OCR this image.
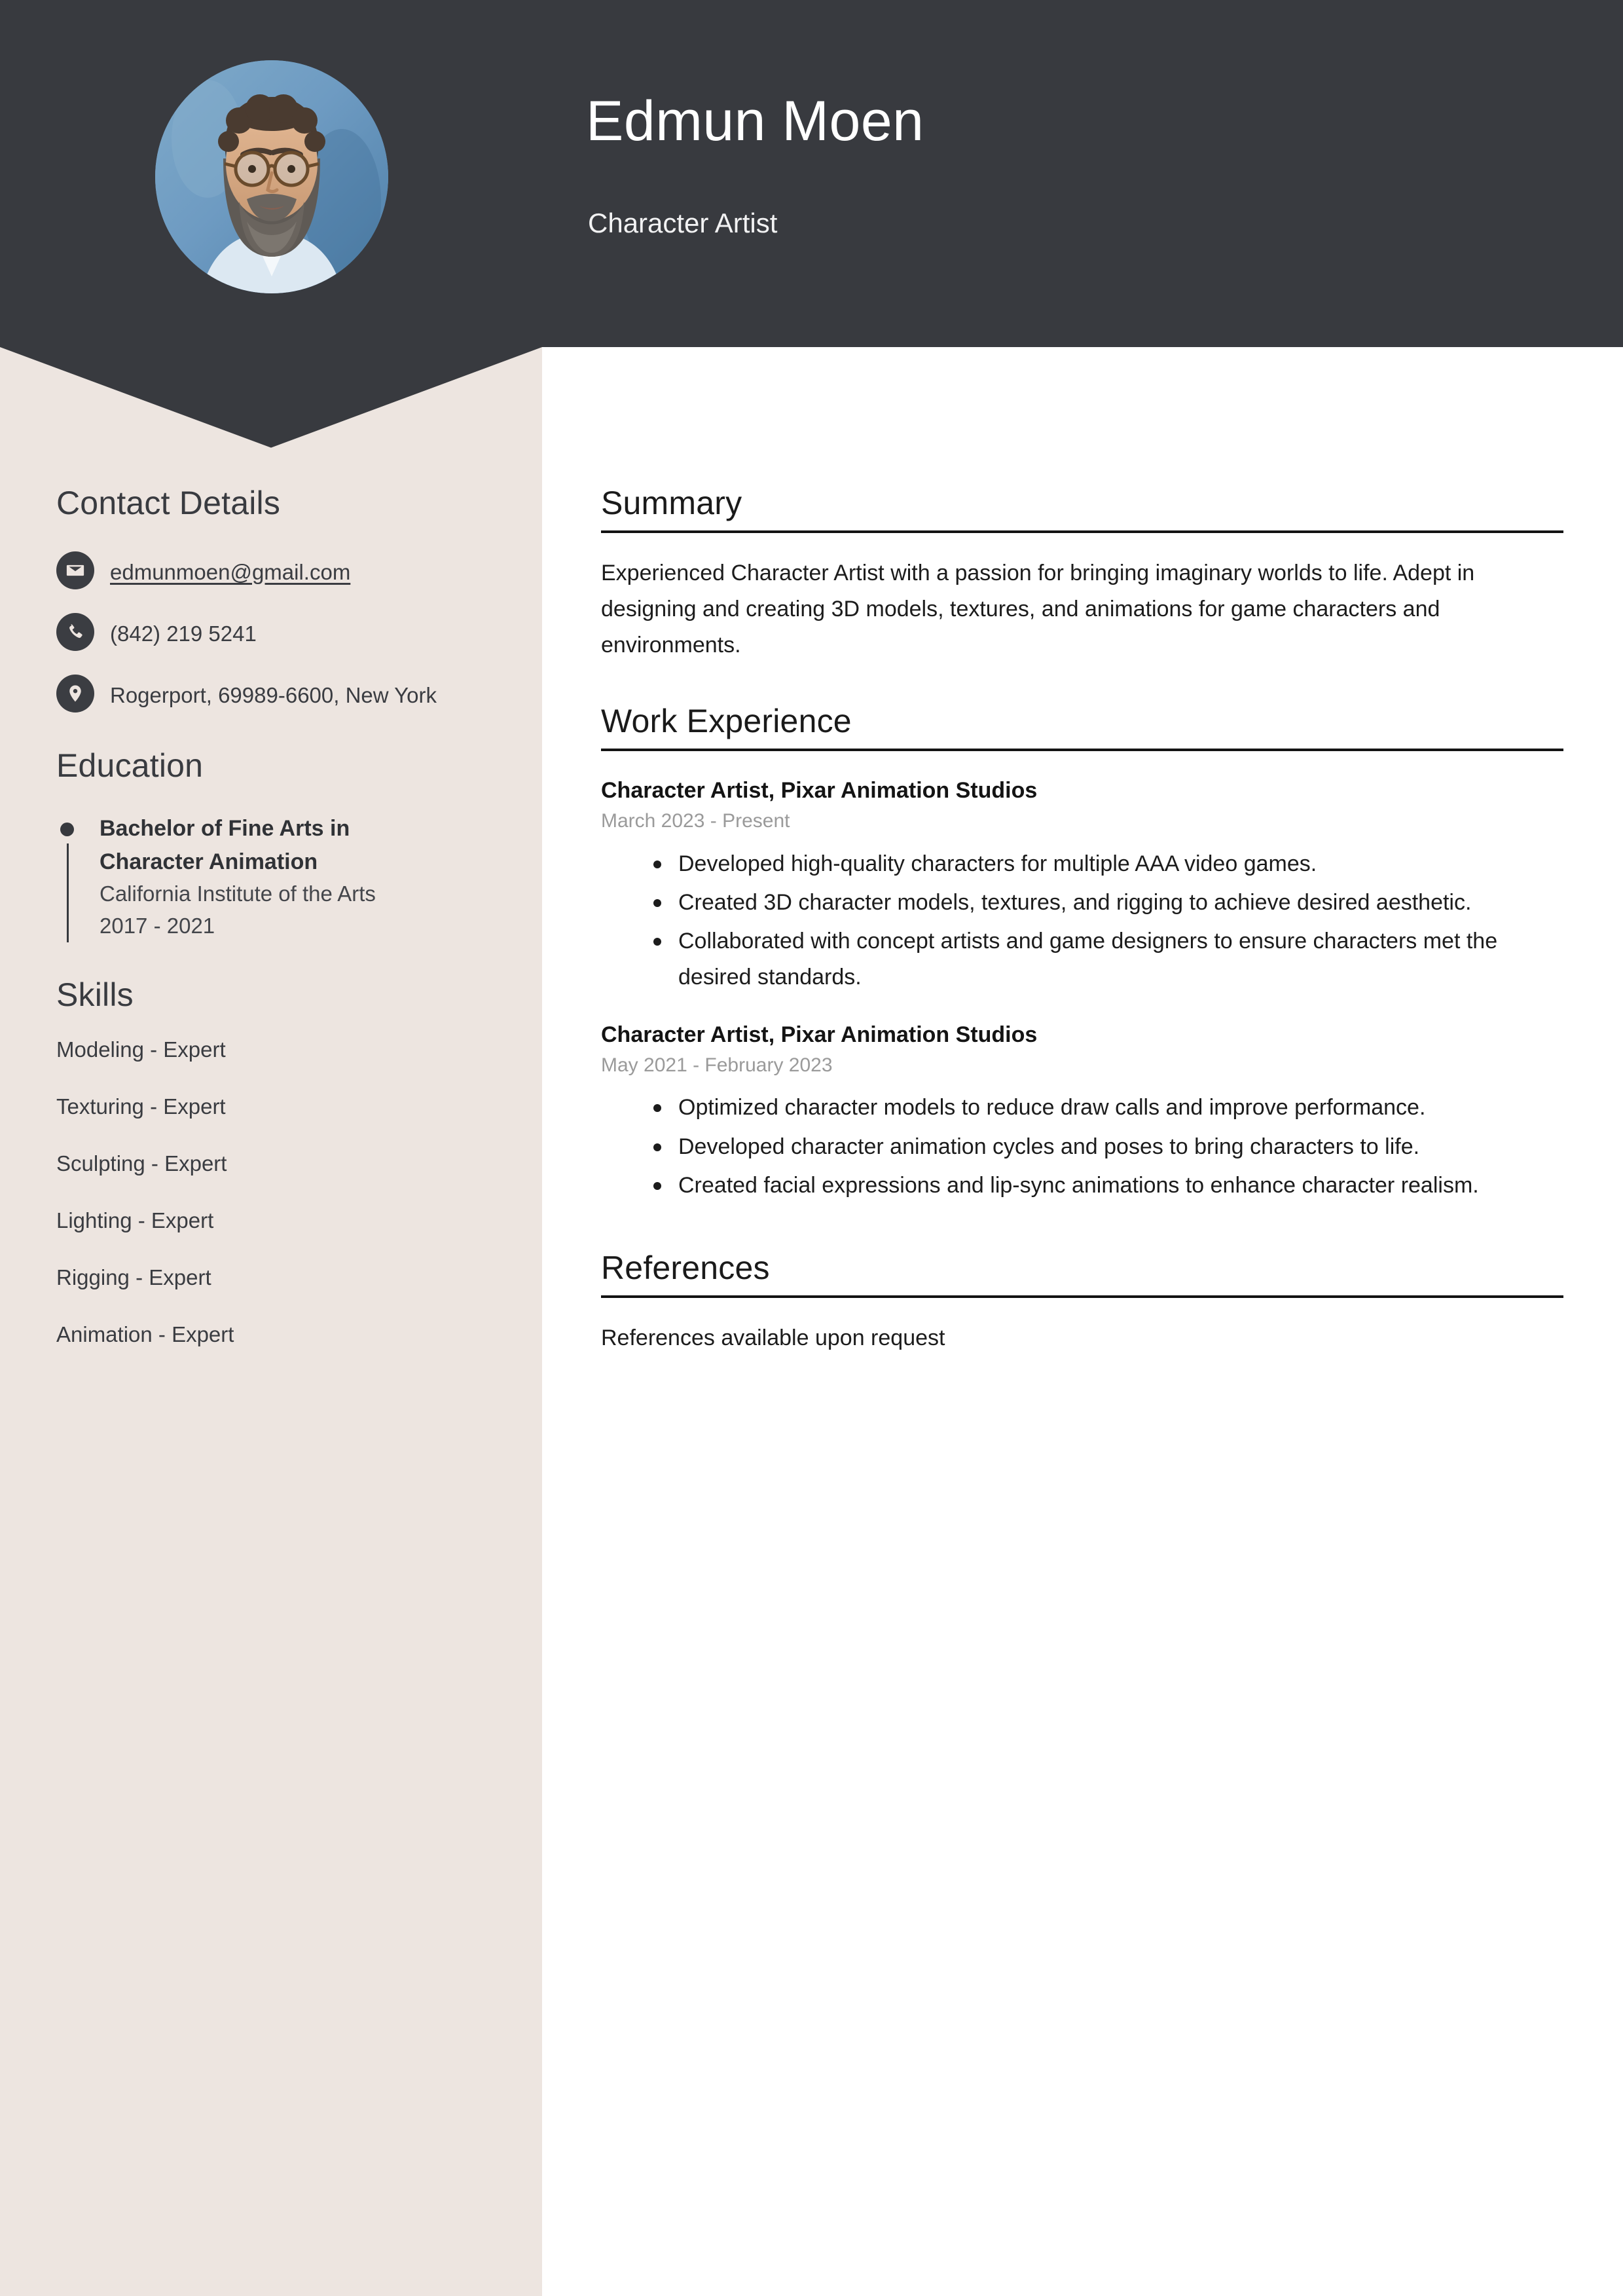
Edmun Moen
Character Artist
Contact Details
edmunmoen@gmail.com
(842) 219 5241
Rogerport, 69989-6600, New York
Education
Bachelor of Fine Arts in Character Animation
California Institute of the Arts
2017 - 2021
Skills
Modeling - Expert
Texturing - Expert
Sculpting - Expert
Lighting - Expert
Rigging - Expert
Animation - Expert
Summary
Experienced Character Artist with a passion for bringing imaginary worlds to life. Adept in designing and creating 3D models, textures, and animations for game characters and environments.
Work Experience
Character Artist, Pixar Animation Studios
March 2023 - Present
Developed high-quality characters for multiple AAA video games.
Created 3D character models, textures, and rigging to achieve desired aesthetic.
Collaborated with concept artists and game designers to ensure characters met the desired standards.
Character Artist, Pixar Animation Studios
May 2021 - February 2023
Optimized character models to reduce draw calls and improve performance.
Developed character animation cycles and poses to bring characters to life.
Created facial expressions and lip-sync animations to enhance character realism.
References
References available upon request
